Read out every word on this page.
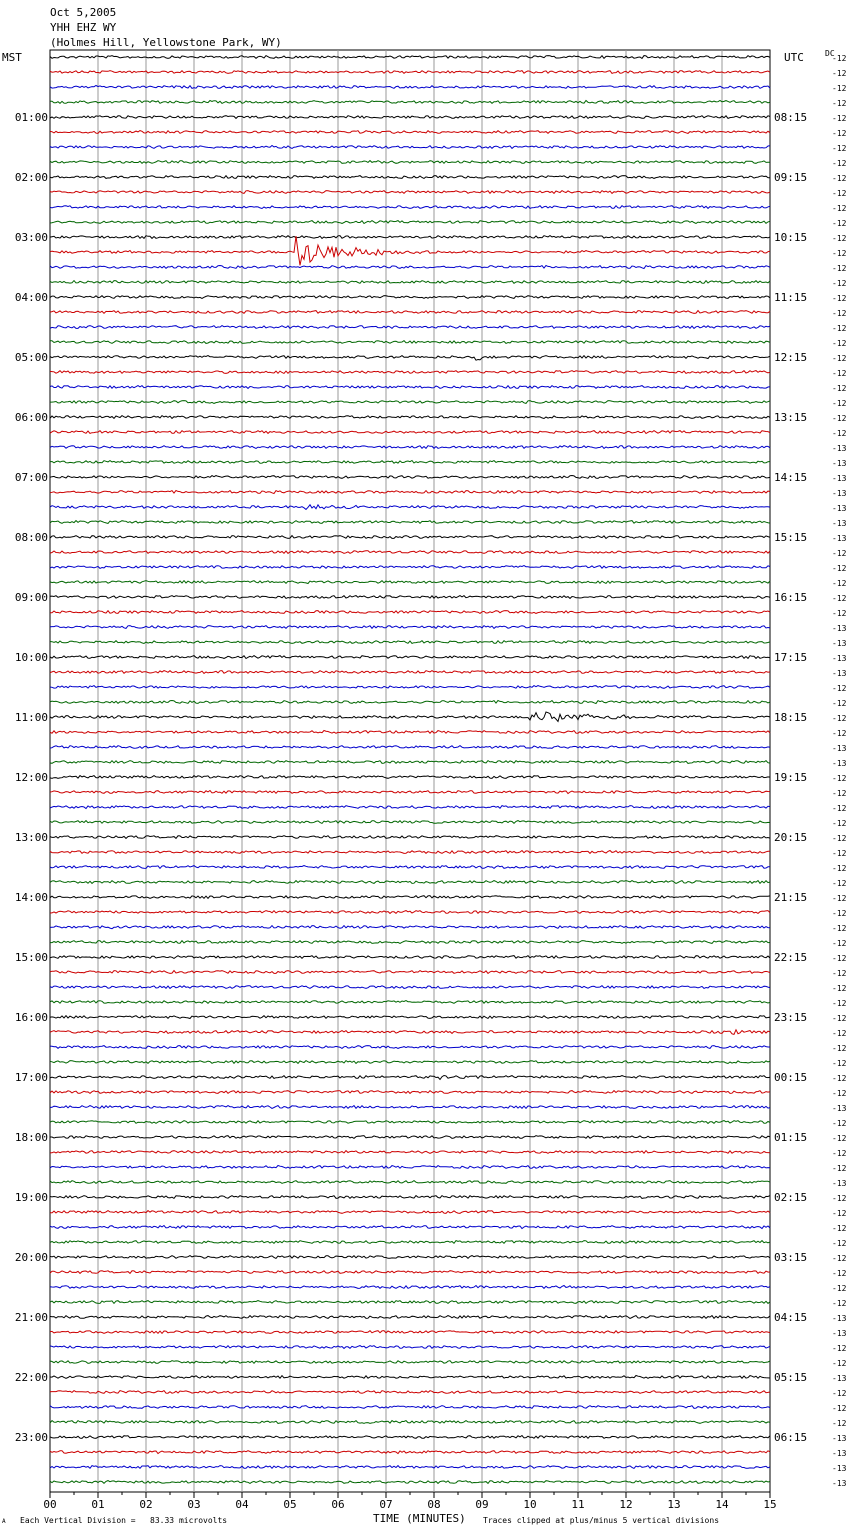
Oct 5,2005
YHH EHZ WY
(Holmes Hill, Yellowstone Park, WY)
MST	UTC	DC
00	01	02	03	04	05	06	07	08	09	10	11	12	13	14	15
-12
-12
-12
-12
-12
01:00	08:15
-12
-12
-12
-12
02:00	09:15
-12
-12
-12
-12
03:00	10:15
-12
-12
-12
-12
04:00	11:15
-12
-12
-12
-12
05:00	12:15
-12
-12
-12
-12
06:00	13:15
-12
-13
-13
-13
07:00	14:15
-13
-13
-13
-13
08:00	15:15
-12
-12
-12
-12
09:00	16:15
-12
-13
-13
-13
10:00	17:15
-13
-12
-12
-12
11:00	18:15
-12
-13
-13
-12
12:00	19:15
-12
-12
-12
-12
13:00	20:15
-12
-12
-12
-12
14:00	21:15
-12
-12
-12
-12
15:00	22:15
-12
-12
-12
-12
16:00	23:15
-12
-12
-12
-12
17:00	00:15
-12
-13
-12
-12
18:00	01:15
-12
-12
-13
-12
19:00	02:15
-12
-12
-12
-12
20:00	03:15
-12
-12
-12
-13
21:00	04:15
-13
-12
-12
-13
22:00	05:15
-12
-12
-12
-13
23:00	06:15
-13
-13
-13
TIME (MINUTES)
Each Vertical Division =   83.33 microvolts	Traces clipped at plus/minus 5 vertical divisions
A
